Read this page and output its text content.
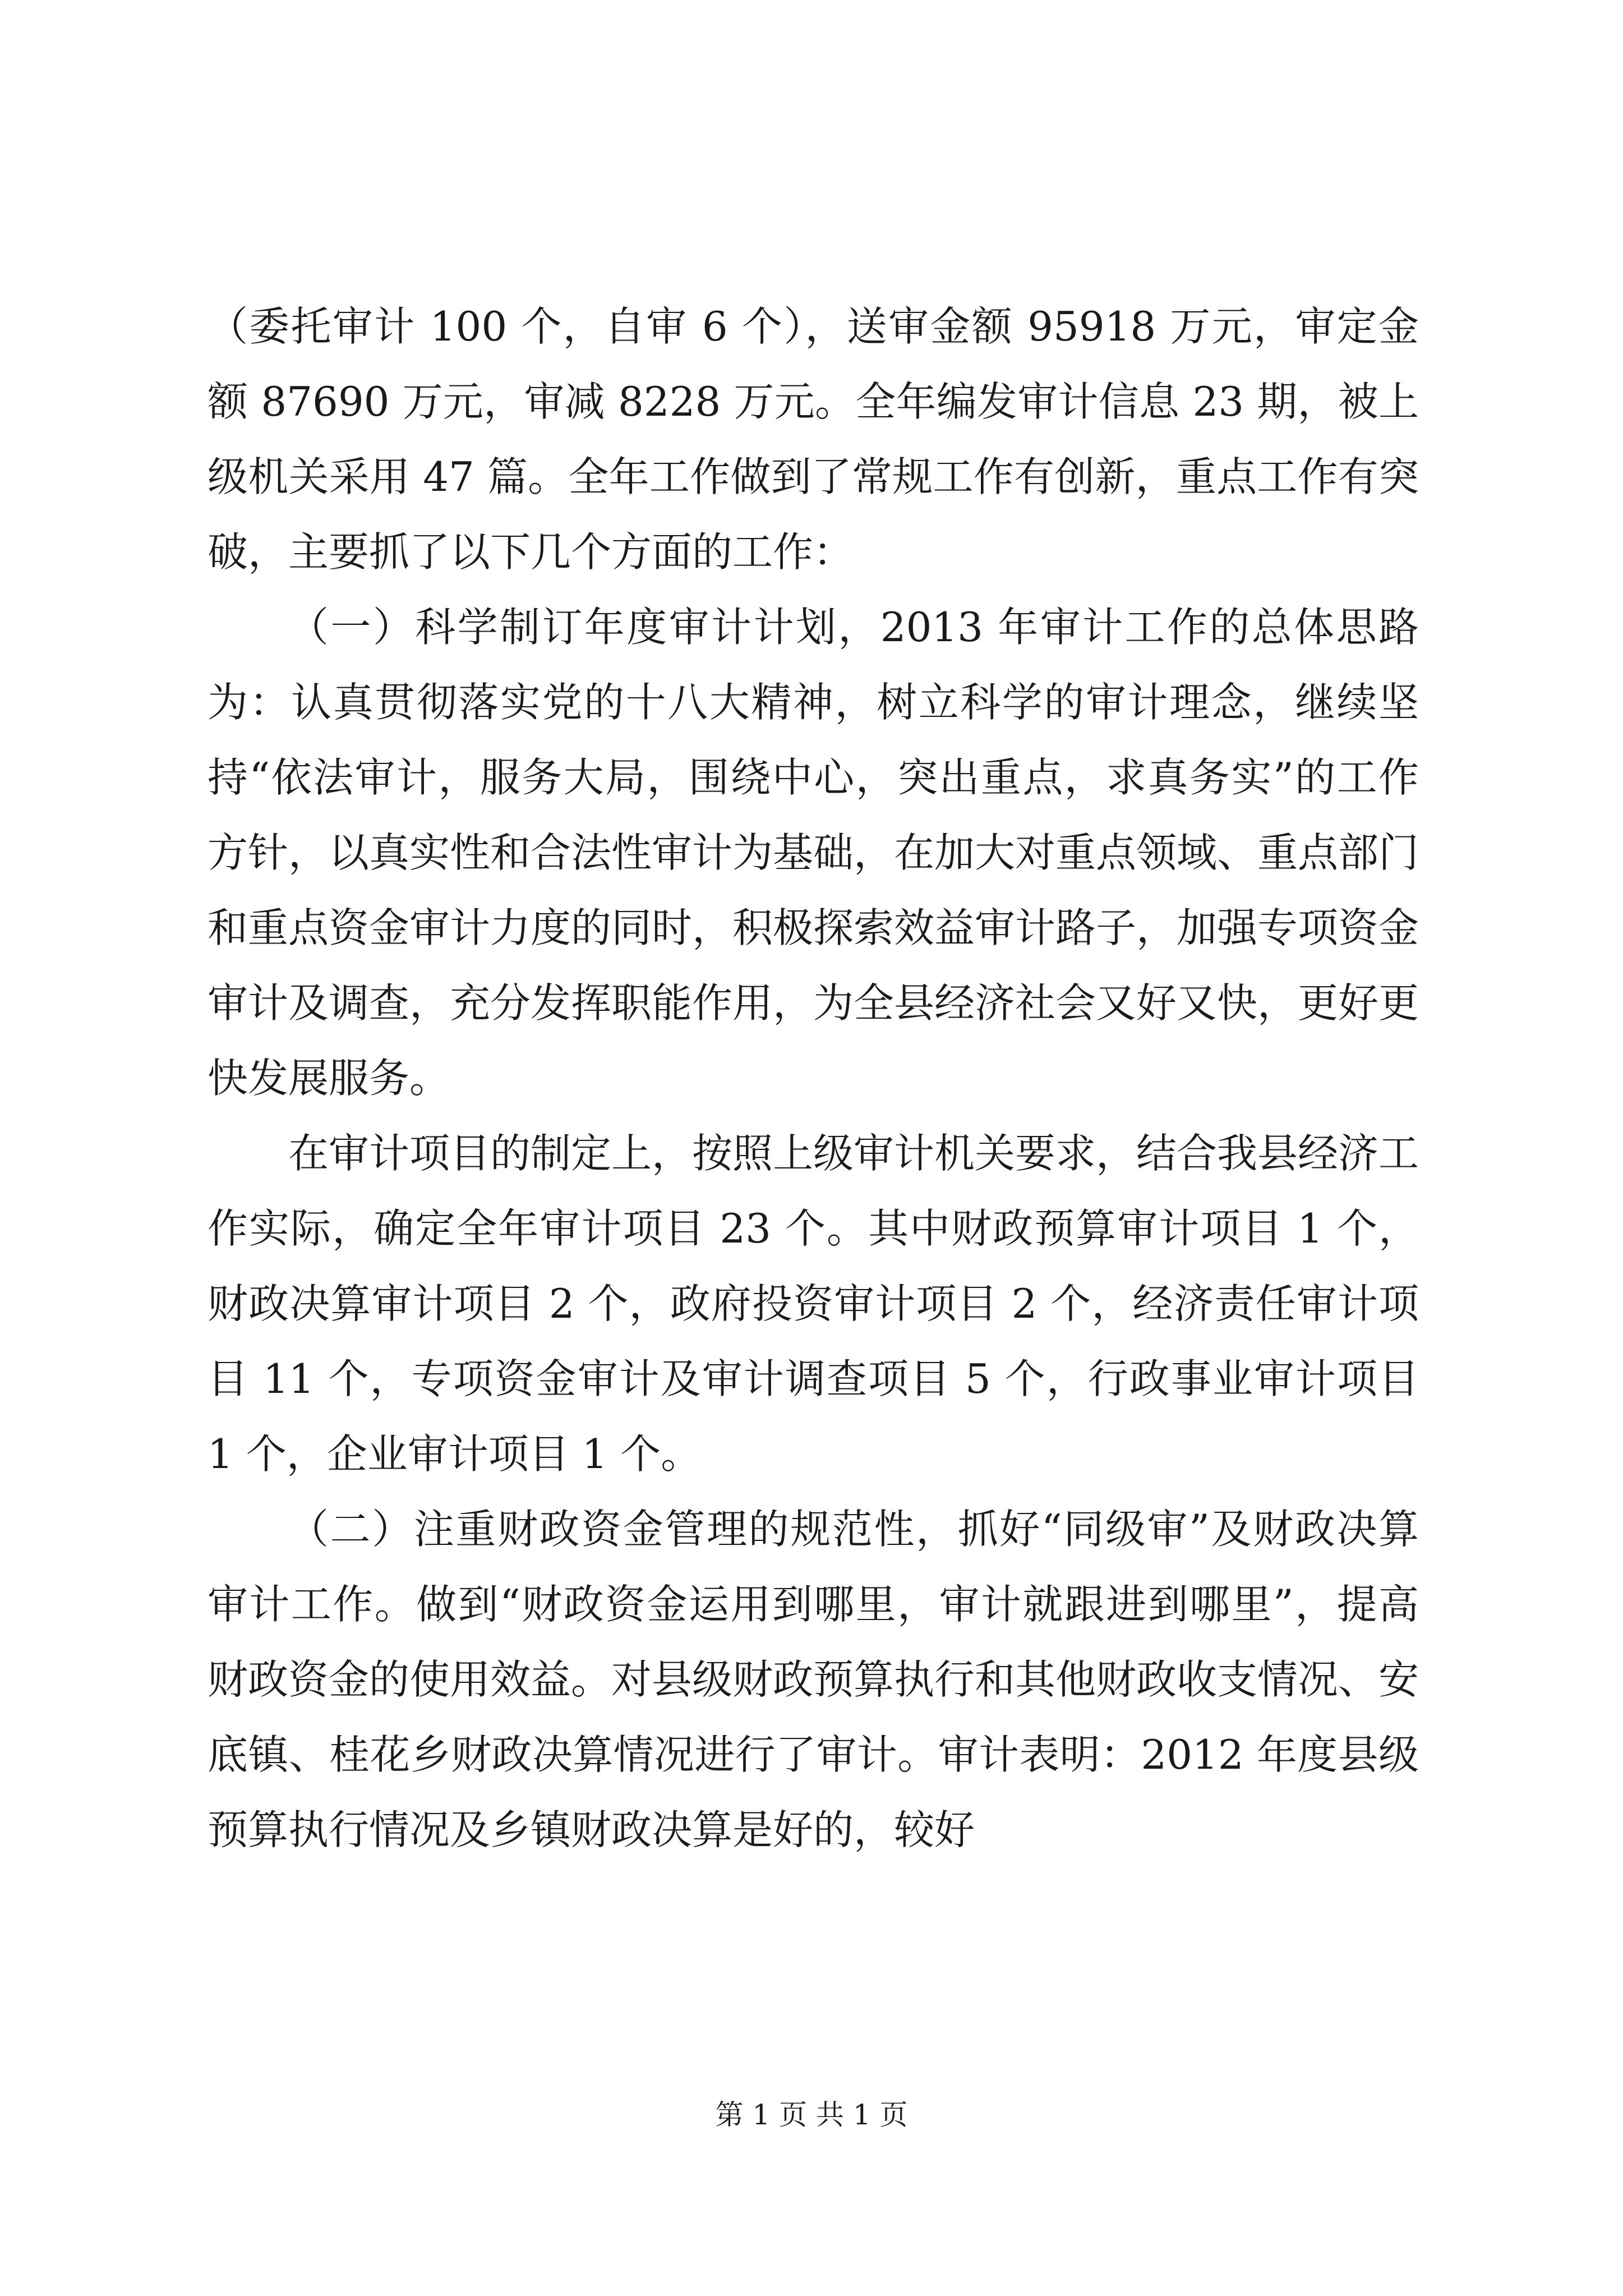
（委托审计 100 个，自审 6 个），送审金额 95918 万元，审定金额 87690 万元，审减 8228 万元。全年编发审计信息 23 期，被上级机关采用 47 篇。全年工作做到了常规工作有创新，重点工作有突破，主要抓了以下几个方面的工作：

（一）科学制订年度审计计划，2013 年审计工作的总体思路为：认真贯彻落实党的十八大精神，树立科学的审计理念，继续坚持“依法审计，服务大局，围绕中心，突出重点，求真务实”的工作方针，以真实性和合法性审计为基础，在加大对重点领域、重点部门和重点资金审计力度的同时，积极探索效益审计路子，加强专项资金审计及调查，充分发挥职能作用，为全县经济社会又好又快，更好更快发展服务。

在审计项目的制定上，按照上级审计机关要求，结合我县经济工作实际，确定全年审计项目 23 个。其中财政预算审计项目 1 个，财政决算审计项目 2 个，政府投资审计项目 2 个，经济责任审计项目 11 个，专项资金审计及审计调查项目 5 个，行政事业审计项目 1 个，企业审计项目 1 个。

（二）注重财政资金管理的规范性，抓好“同级审”及财政决算审计工作。做到“财政资金运用到哪里，审计就跟进到哪里”，提高财政资金的使用效益。对县级财政预算执行和其他财政收支情况、安底镇、桂花乡财政决算情况进行了审计。审计表明：2012 年度县级预算执行情况及乡镇财政决算是好的，较好

第 1 页 共 1 页
